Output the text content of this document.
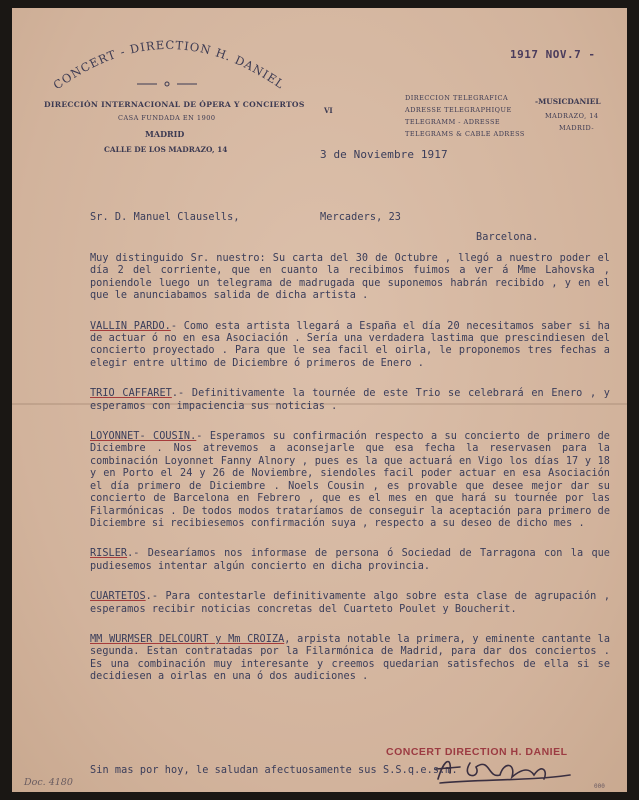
CONCERT - DIRECTION H. DANIEL
DIRECCIÓN INTERNACIONAL DE ÓPERA Y CONCIERTOS
CASA FUNDADA EN 1900
MADRID
CALLE DE LOS MADRAZO, 14
VI
DIRECCION TELEGRAFICA
ADRESSE TELEGRAPHIQUE
TELEGRAMM - ADRESSE
TELEGRAMS & CABLE ADRESS
-MUSICDANIEL
MADRAZO, 14
MADRID-
1917 NOV.7 -
3 de Noviembre 1917
Sr. D. Manuel Clausells,	Mercaders, 23
Barcelona.

Muy distinguido Sr. nuestro: Su carta del 30 de Octubre , llegó a nuestro poder el día 2 del corriente, que en cuanto la recibimos fuimos a ver á Mme Lahovska , poniendole luego un telegrama de madrugada que suponemos habrán recibido , y en el que le anunciabamos salida de dicha artista .

VALLIN PARDO.- Como esta artista llegará a España el día 20 necesitamos saber si ha de actuar ó no en esa Asociación . Sería una verdadera lastima que prescindiesen del concierto proyectado . Para que le sea facil el oirla, le proponemos tres fechas a elegir entre ultimo de Diciembre ó primeros de Enero .

TRIO CAFFARET.- Definitivamente la tournée de este Trio se celebrará en Enero , y esperamos con impaciencia sus noticias .

LOYONNET- COUSIN.- Esperamos su confirmación respecto a su concierto de primero de Diciembre . Nos atrevemos a aconsejarle que esa fecha la reservasen para la combinación Loyonnet Fanny Alnory , pues es la que actuará en Vigo los días 17 y 18 y en Porto el 24 y 26 de Noviembre, siendoles facil poder actuar en esa Asociación el día primero de Diciembre . Noels Cousin , es provable que desee mejor dar su concierto de Barcelona en Febrero , que es el mes en que hará su tournée por las Filarmónicas . De todos modos trataríamos de conseguir la aceptación para primero de Diciembre si recibiesemos confirmación suya , respecto a su deseo de dicho mes .

RISLER.- Desearíamos nos informase de persona ó Sociedad de Tarragona con la que pudiesemos intentar algún concierto en dicha provincia.

CUARTETOS.- Para contestarle definitivamente algo sobre esta clase de agrupación , esperamos recibir noticias concretas del Cuarteto Poulet y Boucherit.

MM WURMSER DELCOURT y Mm CROIZA, arpista notable la primera, y eminente cantante la segunda. Estan contratadas por la Filarmónica de Madrid, para dar dos conciertos . Es una combinación muy interesante y creemos quedarian satisfechos de ella si se decidiesen a oirlas en una ó dos audiciones .

Sin mas por hoy, le saludan afectuosamente sus S.S.q.e.s.m.
CONCERT DIRECTION H. DANIEL
000
Doc. 4180
